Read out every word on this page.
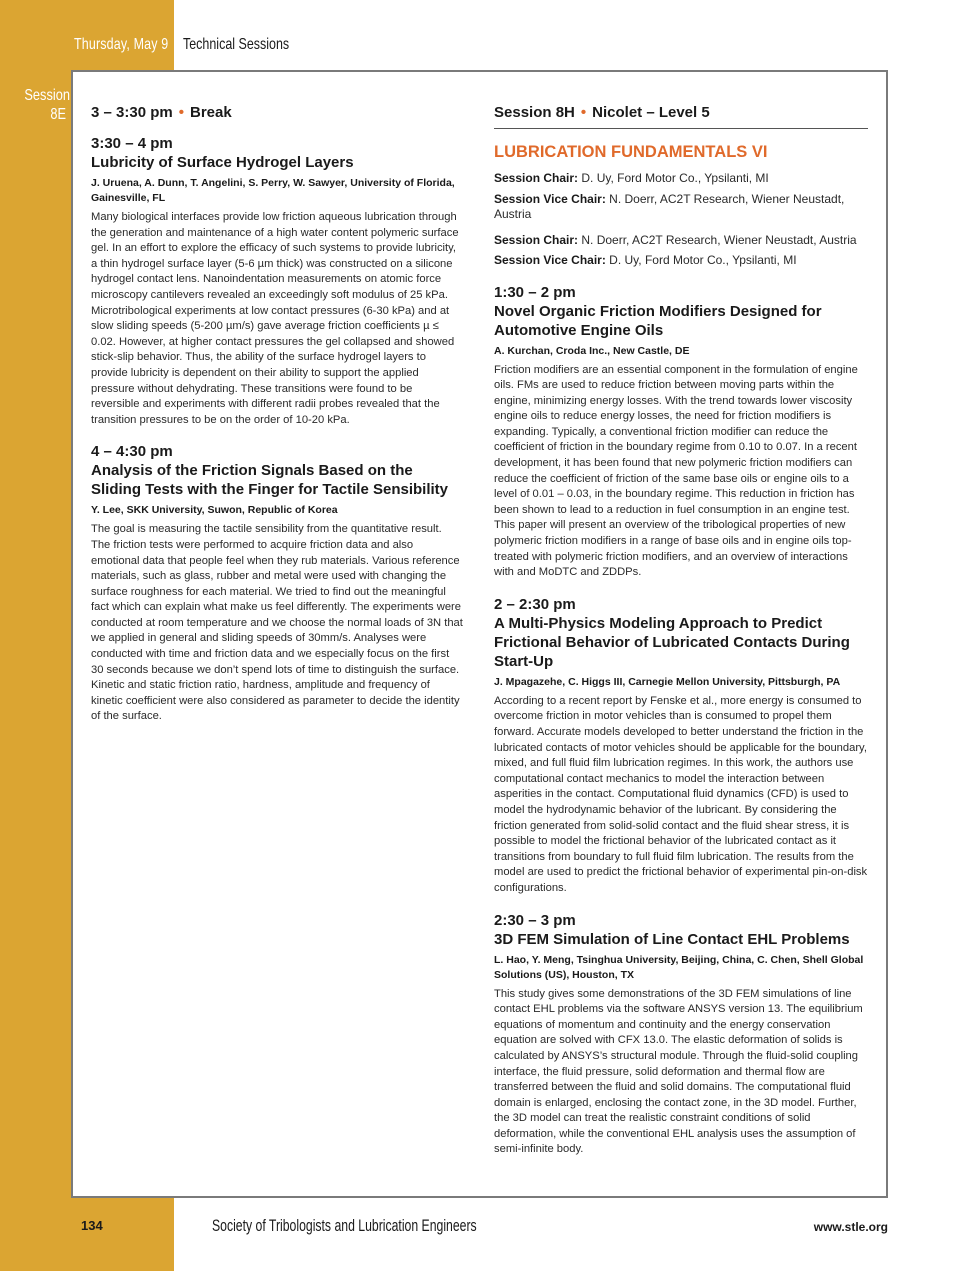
Thursday, May 9 Technical Sessions
Session
8E 3 – 3:30 pm • Break

3:30 – 4 pm

Lubricity of Surface Hydrogel Layers

J. Uruena, A. Dunn, T. Angelini, S. Perry, W. Sawyer, University of Florida, Gainesville, FL

Many biological interfaces provide low friction aqueous lubrication through the generation and maintenance of a high water content polymeric surface gel. In an effort to explore the efficacy of such systems to provide lubricity, a thin hydrogel surface layer (5-6 µm thick) was constructed on a silicone hydrogel contact lens. Nanoindentation measurements on atomic force microscopy cantilevers revealed an exceedingly soft modulus of 25 kPa. Microtribological experiments at low contact pressures (6-30 kPa) and at slow sliding speeds (5-200 µm/s) gave average friction coefficients µ ≤ 0.02. However, at higher contact pressures the gel collapsed and showed stick-slip behavior. Thus, the ability of the surface hydrogel layers to provide lubricity is dependent on their ability to support the applied pressure without dehydrating. These transitions were found to be reversible and experiments with different radii probes revealed that the transition pressures to be on the order of 10-20 kPa.

4 – 4:30 pm

Analysis of the Friction Signals Based on the Sliding Tests with the Finger for Tactile Sensibility

Y. Lee, SKK University, Suwon, Republic of Korea

The goal is measuring the tactile sensibility from the quantitative result. The friction tests were performed to acquire friction data and also emotional data that people feel when they rub materials. Various reference materials, such as glass, rubber and metal were used with changing the surface roughness for each material. We tried to find out the meaningful fact which can explain what make us feel differently. The experiments were conducted at room temperature and we choose the normal loads of 3N that we applied in general and sliding speeds of 30mm/s. Analyses were conducted with time and friction data and we especially focus on the first 30 seconds because we don’t spend lots of time to distinguish the surface. Kinetic and static friction ratio, hardness, amplitude and frequency of kinetic coefficient were also considered as parameter to decide the identity of the surface.

Session 8H • Nicolet – Level 5

LUBRICATION FUNDAMENTALS VI

Session Chair: D. Uy, Ford Motor Co., Ypsilanti, MI

Session Vice Chair: N. Doerr, AC2T Research, Wiener Neustadt, Austria

Session Chair: N. Doerr, AC2T Research, Wiener Neustadt, Austria

Session Vice Chair: D. Uy, Ford Motor Co., Ypsilanti, MI

1:30 – 2 pm

Novel Organic Friction Modifiers Designed for Automotive Engine Oils

A. Kurchan, Croda Inc., New Castle, DE

Friction modifiers are an essential component in the formulation of engine oils. FMs are used to reduce friction between moving parts within the engine, minimizing energy losses. With the trend towards lower viscosity engine oils to reduce energy losses, the need for friction modifiers is expanding. Typically, a conventional friction modifier can reduce the coefficient of friction in the boundary regime from 0.10 to 0.07. In a recent development, it has been found that new polymeric friction modifiers can reduce the coefficient of friction of the same base oils or engine oils to a level of 0.01 – 0.03, in the boundary regime. This reduction in friction has been shown to lead to a reduction in fuel consumption in an engine test. This paper will present an overview of the tribological properties of new polymeric friction modifiers in a range of base oils and in engine oils top-treated with polymeric friction modifiers, and an overview of interactions with and MoDTC and ZDDPs.

2 – 2:30 pm

A Multi-Physics Modeling Approach to Predict Frictional Behavior of Lubricated Contacts During Start-Up

J. Mpagazehe, C. Higgs III, Carnegie Mellon University, Pittsburgh, PA

According to a recent report by Fenske et al., more energy is consumed to overcome friction in motor vehicles than is consumed to propel them forward. Accurate models developed to better understand the friction in the lubricated contacts of motor vehicles should be applicable for the boundary, mixed, and full fluid film lubrication regimes. In this work, the authors use computational contact mechanics to model the interaction between asperities in the contact. Computational fluid dynamics (CFD) is used to model the hydrodynamic behavior of the lubricant. By considering the friction generated from solid-solid contact and the fluid shear stress, it is possible to model the frictional behavior of the lubricated contact as it transitions from boundary to full fluid film lubrication. The results from the model are used to predict the frictional behavior of experimental pin-on-disk configurations.

2:30 – 3 pm

3D FEM Simulation of Line Contact EHL Problems

L. Hao, Y. Meng, Tsinghua University, Beijing, China, C. Chen, Shell Global Solutions (US), Houston, TX

This study gives some demonstrations of the 3D FEM simulations of line contact EHL problems via the software ANSYS version 13. The equilibrium equations of momentum and continuity and the energy conservation equation are solved with CFX 13.0. The elastic deformation of solids is calculated by ANSYS’s structural module. Through the fluid-solid coupling interface, the fluid pressure, solid deformation and thermal flow are transferred between the fluid and solid domains. The computational fluid domain is enlarged, enclosing the contact zone, in the 3D model. Further, the 3D model can treat the realistic constraint conditions of solid deformation, while the conventional EHL analysis uses the assumption of semi-infinite body.

134	Society of Tribologists and Lubrication Engineers	www.stle.org
